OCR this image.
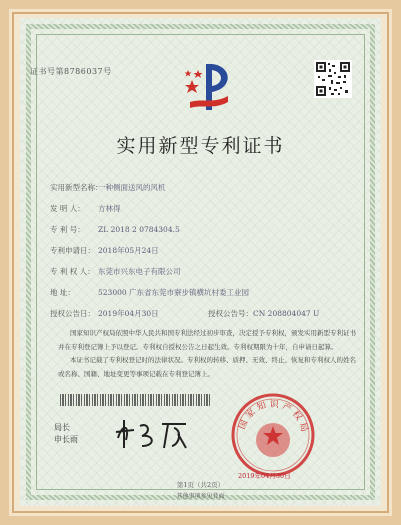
证书号第8786037号
实用新型专利证书
实用新型名称：一种侧面送风的风机
发 明 人： 方林得
专 利 号： ZL 2018 2 0784304.5
专利申请日： 2018年05月24日
专 利 权 人： 东莞市兴东电子有限公司
地 址：	523000 广东省东莞市寮步镇横坑村委工业园
授权公告日： 2019年04月30日	授权公告号：CN 208804047 U
国家知识产权局依照中华人民共和国专利法经过初步审查，决定授予专利权，颁发实用新型专利证书并在专利登记簿上予以登记。专利权自授权公告之日起生效。专利权期限为十年，自申请日起算。
本证书记载了专利权登记时的法律状况。专利权的转移、质押、无效、终止、恢复和专利权人的姓名或名称、国籍、地址变更等事项记载在专利登记簿上。
局长
申长雨
国家知识产权局
2019年04月30日
第1页（共2页）
其他事项参见背面
